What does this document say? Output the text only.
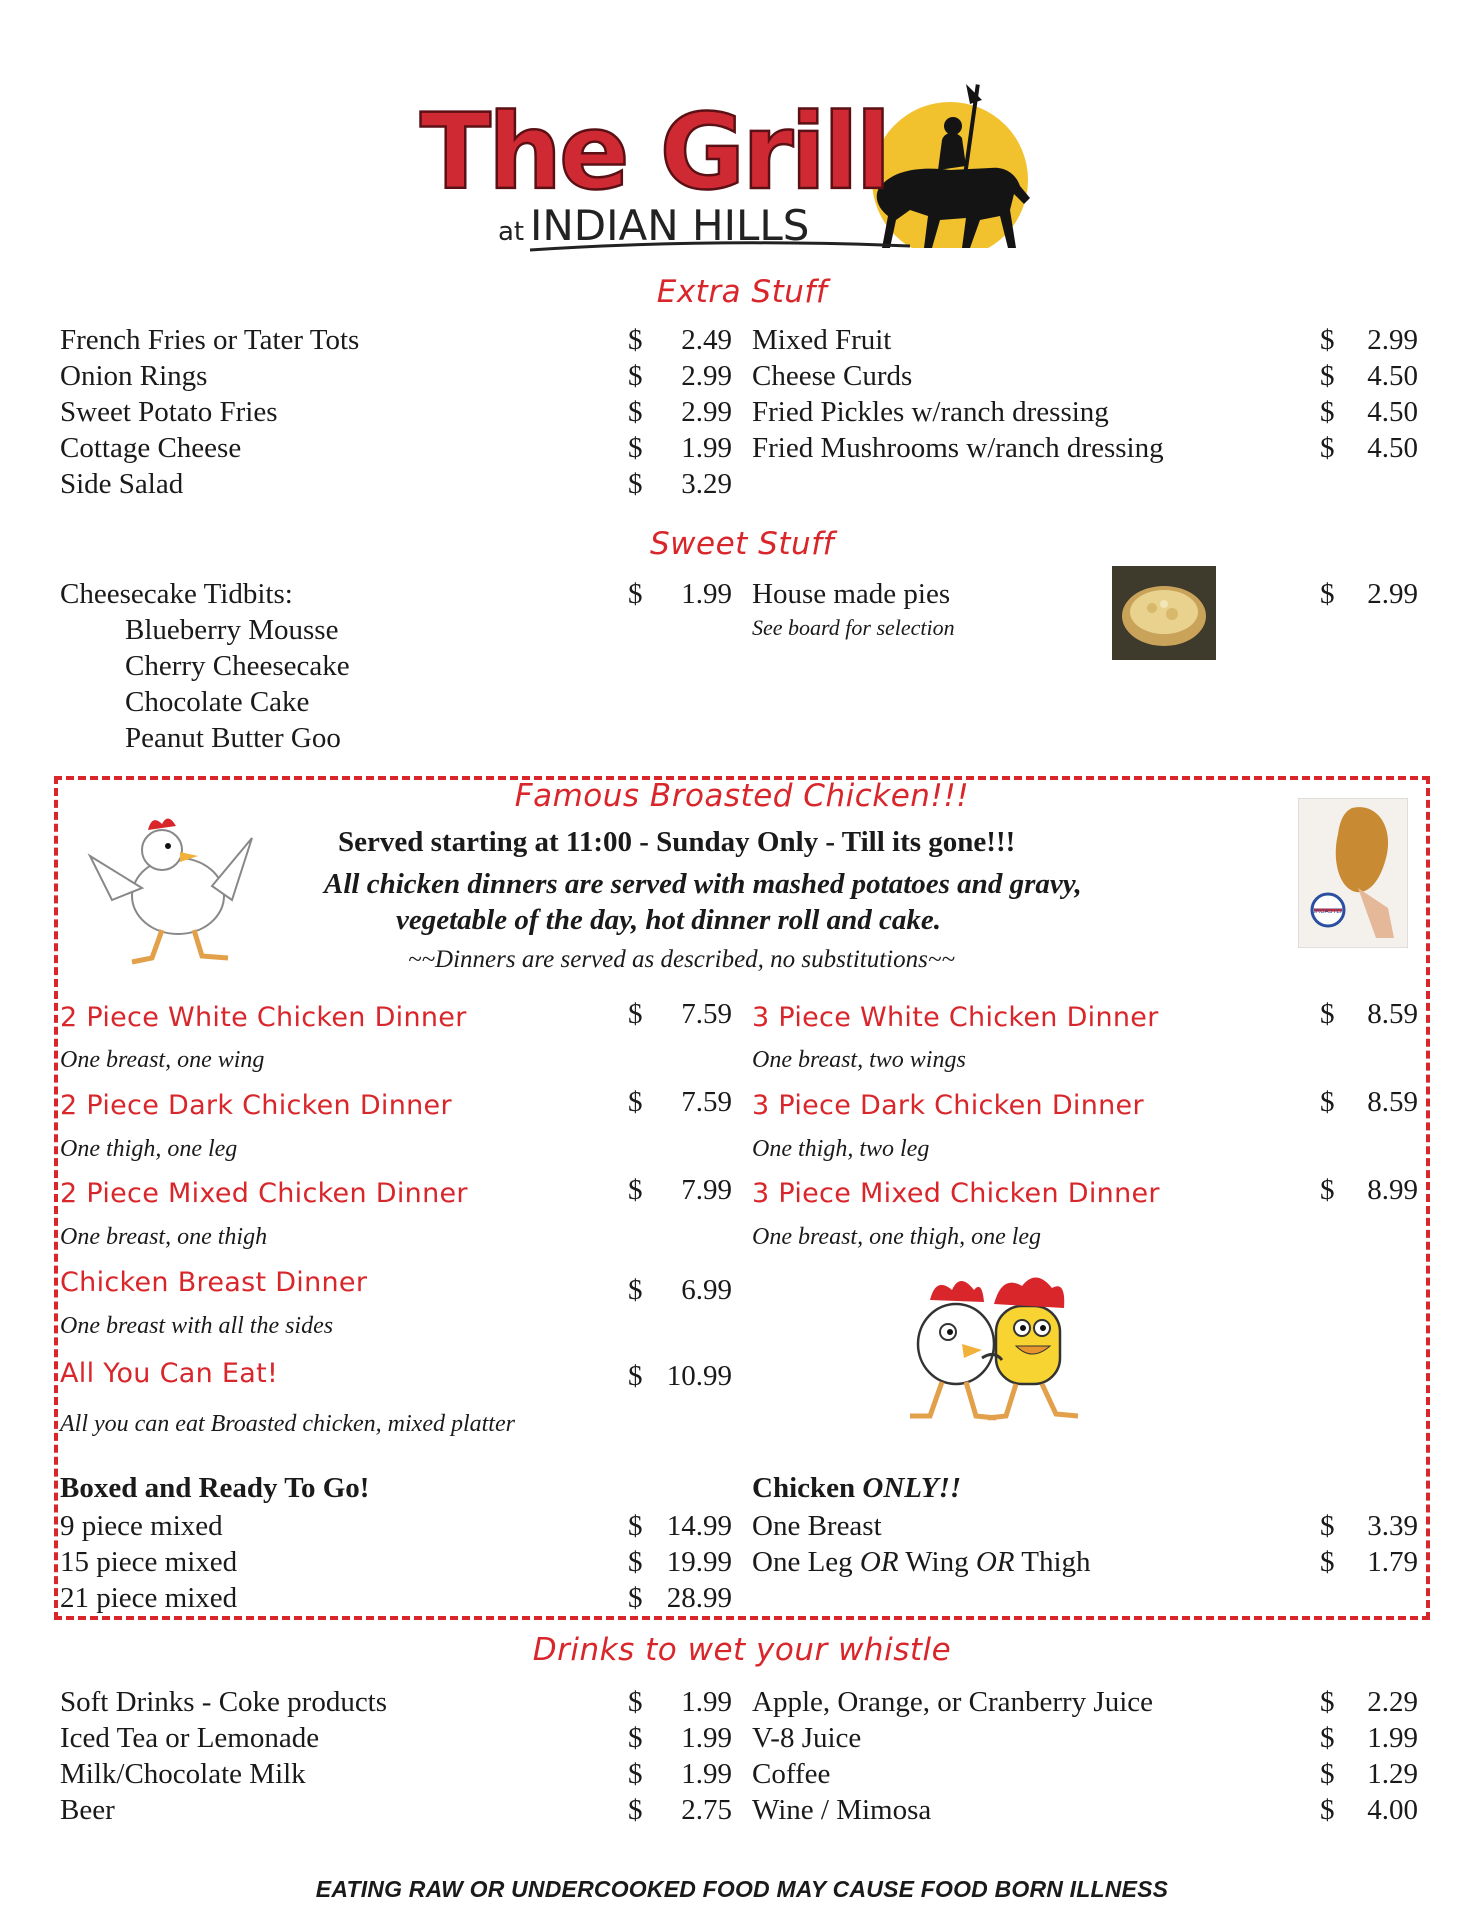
The Grill
at INDIAN HILLS
Extra Stuff
French Fries or Tater Tots	$	2.49
Onion Rings	$	2.99
Sweet Potato Fries	$	2.99
Cottage Cheese	$	1.99
Side Salad	$	3.29
Mixed Fruit	$	2.99
Cheese Curds	$	4.50
Fried Pickles w/ranch dressing	$	4.50
Fried Mushrooms w/ranch dressing	$	4.50
Sweet Stuff
Cheesecake Tidbits:	$	1.99
Blueberry Mousse
Cherry Cheesecake
Chocolate Cake
Peanut Butter Goo
House made pies
See board for selection
$	2.99
Famous Broasted Chicken!!!
BROASTER
Served starting at 11:00 - Sunday Only - Till its gone!!!
All chicken dinners are served with mashed potatoes and gravy,
vegetable of the day, hot dinner roll and cake.
~~Dinners are served as described, no substitutions~~
2 Piece White Chicken Dinner
One breast, one wing
$	7.59
2 Piece Dark Chicken Dinner
One thigh, one leg
$	7.59
2 Piece Mixed Chicken Dinner
One breast, one thigh
$	7.99
Chicken Breast Dinner
One breast with all the sides
$	6.99
All You Can Eat!
All you can eat Broasted chicken, mixed platter
$ 10.99
3 Piece White Chicken Dinner
One breast, two wings
$	8.59
3 Piece Dark Chicken Dinner
One thigh, two leg
$	8.59
3 Piece Mixed Chicken Dinner
One breast, one thigh, one leg
$	8.99
Boxed and Ready To Go!
9 piece mixed	$ 14.99
15 piece mixed	$ 19.99
21 piece mixed	$ 28.99
Chicken ONLY!!
One Breast	$	3.39
One Leg OR Wing OR Thigh	$	1.79
Drinks to wet your whistle
Soft Drinks - Coke products	$	1.99
Iced Tea or Lemonade	$	1.99
Milk/Chocolate Milk	$	1.99
Beer	$	2.75
Apple, Orange, or Cranberry Juice	$	2.29
V-8 Juice	$	1.99
Coffee	$	1.29
Wine / Mimosa	$	4.00
EATING RAW OR UNDERCOOKED FOOD MAY CAUSE FOOD BORN ILLNESS
